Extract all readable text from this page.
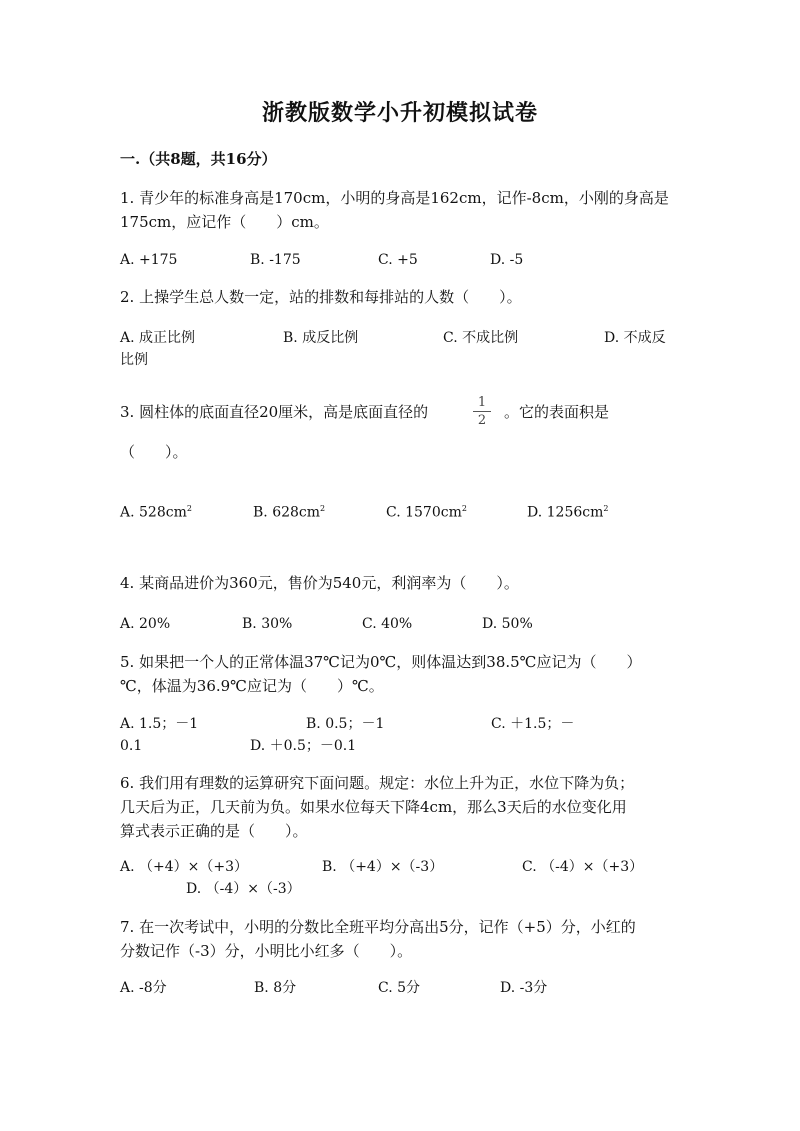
浙教版数学小升初模拟试卷
一.（共8题，共16分）
1. 青少年的标准身高是170cm，小明的身高是162cm，记作-8cm，小刚的身高是
175cm，应记作（　　）cm。
A. +175	B. -175	C. +5	D. -5
2. 上操学生总人数一定，站的排数和每排站的人数（　　）。
A. 成正比例	B. 成反比例	C. 不成比例	D. 不成反
比例
3. 圆柱体的底面直径20厘米，高是底面直径的
1
2	。它的表面积是
（　　）。
A. $528cm^2$	B. $628cm^2$	C. $1570cm^2$	D. $1256cm^2$
4. 某商品进价为360元，售价为540元，利润率为（　　）。
A. 20%	B. 30%	C. 40%	D. 50%
5. 如果把一个人的正常体温37℃记为0℃，则体温达到38.5℃应记为（　　）
℃，体温为36.9℃应记为（　　）℃。
A. 1.5；－1	B. 0.5；－1	C. ＋1.5；－
0.1	D. ＋0.5；－0.1
6. 我们用有理数的运算研究下面问题。规定：水位上升为正，水位下降为负；
几天后为正，几天前为负。如果水位每天下降4cm，那么3天后的水位变化用
算式表示正确的是（　　）。
A. （+4）×（+3）	B. （+4）×（-3）	C. （-4）×（+3）
D. （-4）×（-3）
7. 在一次考试中，小明的分数比全班平均分高出5分，记作（+5）分，小红的
分数记作（-3）分，小明比小红多（　　）。
A. -8分	B. 8分	C. 5分	D. -3分
